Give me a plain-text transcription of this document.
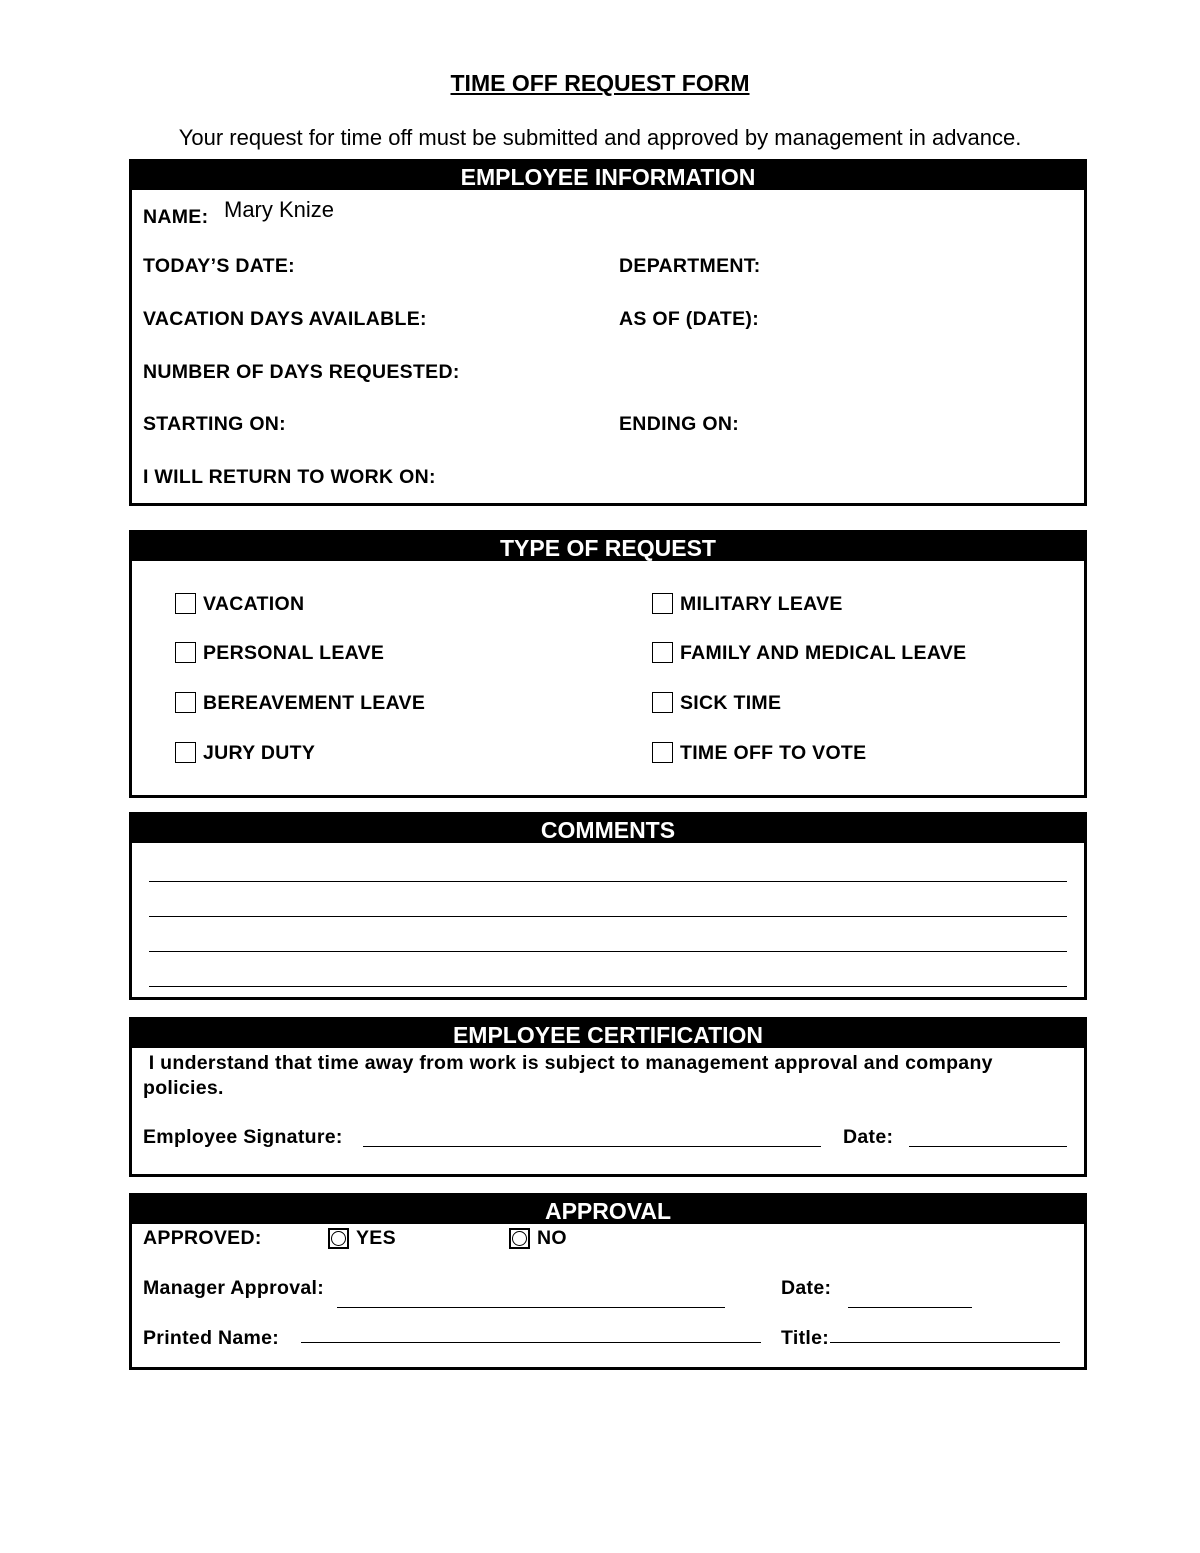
TIME OFF REQUEST FORM
Your request for time off must be submitted and approved by management in advance.
EMPLOYEE INFORMATION
NAME: Mary Knize
TODAY’S DATE:	DEPARTMENT:
VACATION DAYS AVAILABLE:	AS OF (DATE):
NUMBER OF DAYS REQUESTED:
STARTING ON:	ENDING ON:
I WILL RETURN TO WORK ON:
TYPE OF REQUEST
VACATION	MILITARY LEAVE
PERSONAL LEAVE	FAMILY AND MEDICAL LEAVE
BEREAVEMENT LEAVE	SICK TIME
JURY DUTY	TIME OFF TO VOTE
COMMENTS
EMPLOYEE CERTIFICATION
I understand that time away from work is subject to management approval and company
policies.
Employee Signature:	Date:
APPROVAL
APPROVED:	YES	NO
Manager Approval:	Date:
Printed Name:	Title:
